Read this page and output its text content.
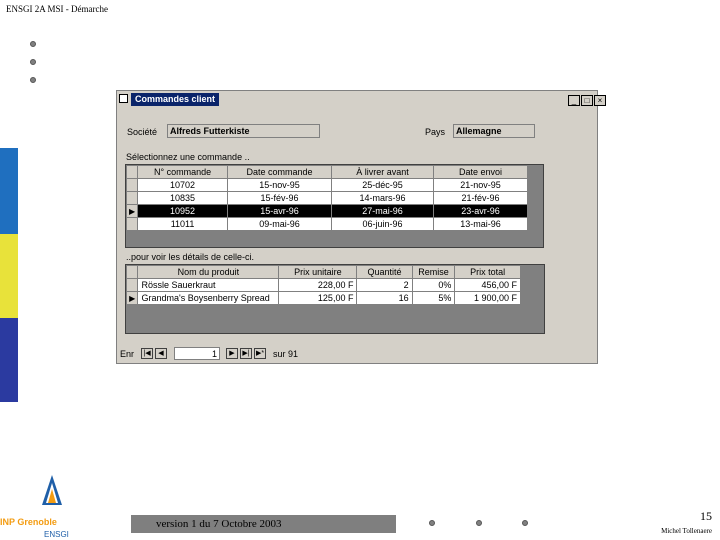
ENSGI 2A MSI - Démarche
Commandes client	_	□	×
Société	Alfreds Futterkiste	Pays	Allemagne
Sélectionnez une commande ..
	N° commande	Date commande	À livrer avant	Date envoi
	10702	15-nov-95	25-déc-95	21-nov-95
	10835	15-fév-96	14-mars-96	21-fév-96
▶	10952	15-avr-96	27-mai-96	23-avr-96
	11011	09-mai-96	06-juin-96	13-mai-96
..pour voir les détails de celle-ci.
	Nom du produit	Prix unitaire	Quantité	Remise	Prix total
	Rössle Sauerkraut	228,00 F	2	0%	456,00 F
▶	Grandma's Boysenberry Spread	125,00 F	16	5%	1 900,00 F
Enr	|◀	◀	1	▶	▶| ▶* sur 91
INP Grenoble
ENSGI
version 1 du 7 Octobre 2003
15
Michel Tollenaere
